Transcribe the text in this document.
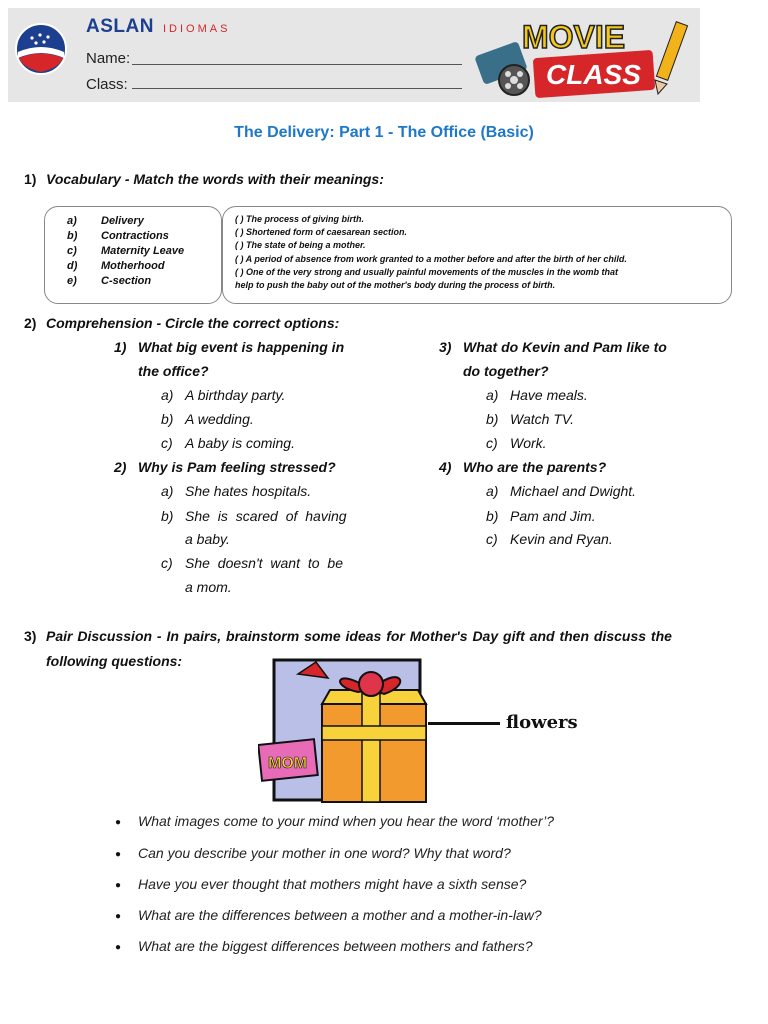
ASLAN IDIOMAS
Name:
Class:
MOVIE
CLASS
The Delivery: Part 1 - The Office (Basic)
1) Vocabulary - Match the words with their meanings:
a) Delivery
b) Contractions
c) Maternity Leave
d) Motherhood
e) C-section
( ) The process of giving birth.
( ) Shortened form of caesarean section.
( ) The state of being a mother.
( ) A period of absence from work granted to a mother before and after the birth of her child.
( ) One of the very strong and usually painful movements of the muscles in the womb that
help to push the baby out of the mother's body during the process of birth.
2) Comprehension - Circle the correct options:
1) What big event is happening in
the office?
a) A birthday party.
b) A wedding.
c) A baby is coming.
2) Why is Pam feeling stressed?
a) She hates hospitals.
b) She is scared of having
a baby.
c) She doesn't want to be
a mom.
3) What do Kevin and Pam like to
do together?
a) Have meals.
b) Watch TV.
c) Work.
4) Who are the parents?
a) Michael and Dwight.
b) Pam and Jim.
c) Kevin and Ryan.
3) Pair Discussion - In pairs, brainstorm some ideas for Mother's Day gift and then discuss the
following questions:
MOM
flowers
● What images come to your mind when you hear the word ‘mother’?
● Can you describe your mother in one word? Why that word?
● Have you ever thought that mothers might have a sixth sense?
● What are the differences between a mother and a mother-in-law?
● What are the biggest differences between mothers and fathers?
